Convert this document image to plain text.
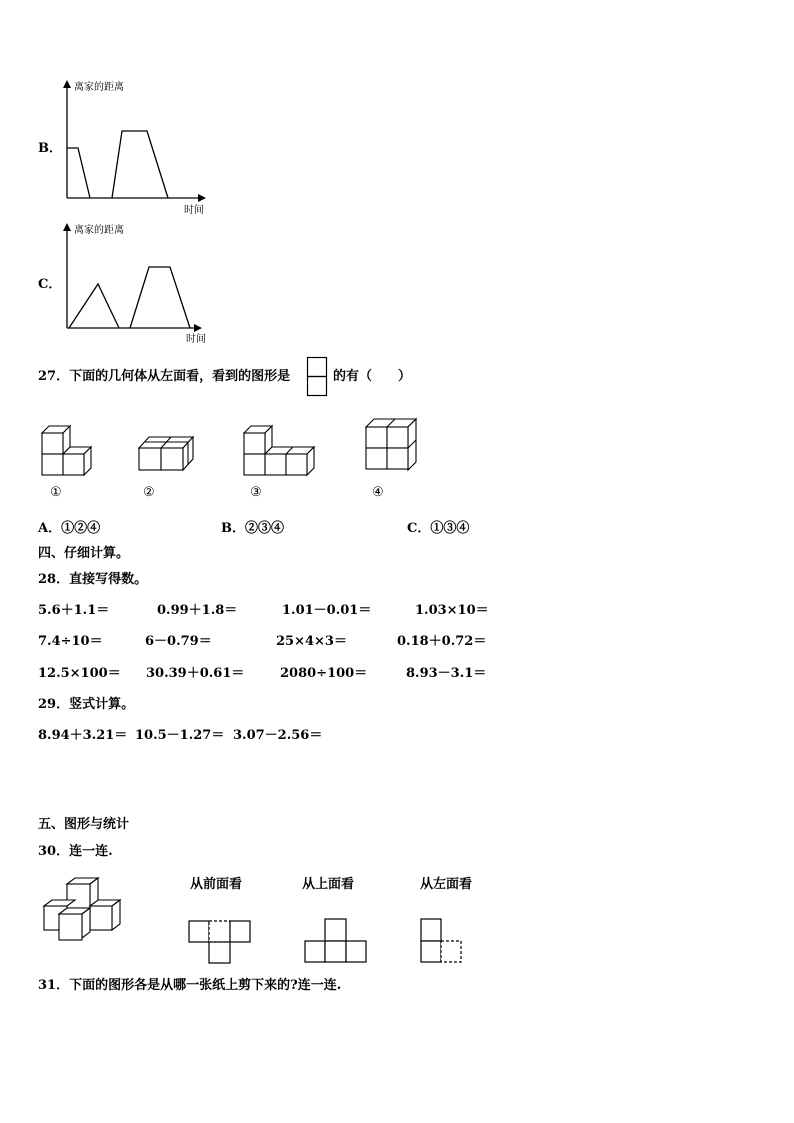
B．
离家的距离
时间
C．
离家的距离
时间
27．下面的几何体从左面看，看到的图形是	的有（　　）
①	②	③	④
A．①②④	B．②③④	C．①③④
四、仔细计算。
28．直接写得数。
5.6＋1.1＝	0.99＋1.8＝	1.01－0.01＝	1.03×10＝
7.4÷10＝	6－0.79＝	25×4×3＝	0.18＋0.72＝
12.5×100＝ 30.39＋0.61＝	2080÷100＝	8.93－3.1＝
29．竖式计算。
8.94＋3.21＝ 10.5－1.27＝ 3.07－2.56＝
五、图形与统计
30．连一连.
从前面看	从上面看	从左面看
31．下面的图形各是从哪一张纸上剪下来的?连一连.
